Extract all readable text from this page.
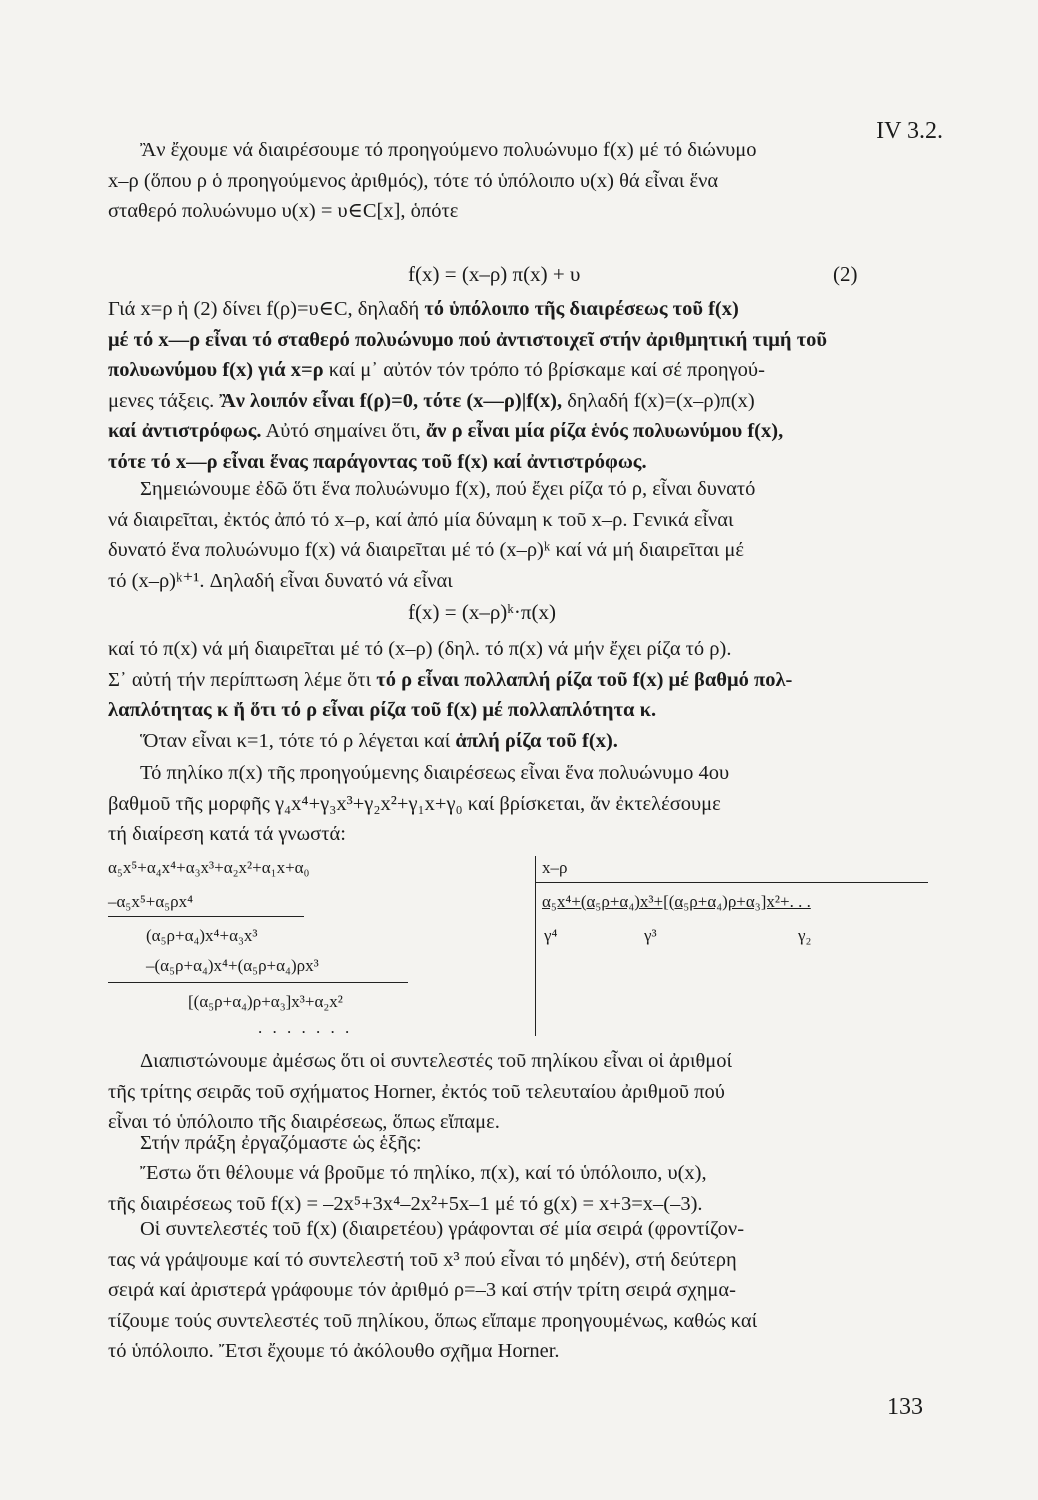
IV 3.2.
Ἂν ἔχουμε νά διαιρέσουμε τό προηγούμενο πολυώνυμο f(x) μέ τό διώνυμο
x–ρ (ὅπου ρ ὁ προηγούμενος ἀριθμός), τότε τό ὑπόλοιπο υ(x) θά εἶναι ἕνα
σταθερό πολυώνυμο υ(x) = υ∈C[x], ὁπότε
f(x) = (x–ρ) π(x) + υ	(2)
Γιά x=ρ ἡ (2) δίνει f(ρ)=υ∈C, δηλαδή τό ὑπόλοιπο τῆς διαιρέσεως τοῦ f(x)
μέ τό x—ρ εἶναι τό σταθερό πολυώνυμο πού ἀντιστοιχεῖ στήν ἀριθμητική τιμή τοῦ
πολυωνύμου f(x) γιά x=ρ καί μ᾿ αὐτόν τόν τρόπο τό βρίσκαμε καί σέ προηγού-
μενες τάξεις. Ἂν λοιπόν εἶναι f(ρ)=0, τότε (x—ρ)|f(x), δηλαδή f(x)=(x–ρ)π(x)
καί ἀντιστρόφως. Αὐτό σημαίνει ὅτι, ἄν ρ εἶναι μία ρίζα ἑνός πολυωνύμου f(x),
τότε τό x—ρ εἶναι ἕνας παράγοντας τοῦ f(x) καί ἀντιστρόφως.
Σημειώνουμε ἐδῶ ὅτι ἕνα πολυώνυμο f(x), πού ἔχει ρίζα τό ρ, εἶναι δυνατό
νά διαιρεῖται, ἐκτός ἀπό τό x–ρ, καί ἀπό μία δύναμη κ τοῦ x–ρ. Γενικά εἶναι
δυνατό ἕνα πολυώνυμο f(x) νά διαιρεῖται μέ τό (x–ρ)ᵏ καί νά μή διαιρεῖται μέ
τό (x–ρ)ᵏ⁺¹. Δηλαδή εἶναι δυνατό νά εἶναι
f(x) = (x–ρ)ᵏ·π(x)
καί τό π(x) νά μή διαιρεῖται μέ τό (x–ρ) (δηλ. τό π(x) νά μήν ἔχει ρίζα τό ρ).
Σ᾿ αὐτή τήν περίπτωση λέμε ὅτι τό ρ εἶναι πολλαπλή ρίζα τοῦ f(x) μέ βαθμό πολ-
λαπλότητας κ ἤ ὅτι τό ρ εἶναι ρίζα τοῦ f(x) μέ πολλαπλότητα κ.
Ὅταν εἶναι κ=1, τότε τό ρ λέγεται καί ἁπλή ρίζα τοῦ f(x).
Τό πηλίκο π(x) τῆς προηγούμενης διαιρέσεως εἶναι ἕνα πολυώνυμο 4ου
βαθμοῦ τῆς μορφῆς γ₄x⁴+γ₃x³+γ₂x²+γ₁x+γ₀ καί βρίσκεται, ἄν ἐκτελέσουμε
τή διαίρεση κατά τά γνωστά:
α₅x⁵+α₄x⁴+α₃x³+α₂x²+α₁x+α₀	x–ρ
–α₅x⁵+α₅ρx⁴	α₅x⁴+(α₅ρ+α₄)x³+[(α₅ρ+α₄)ρ+α₃]x²+. . .
(α₅ρ+α₄)x⁴+α₃x³	γ⁴	γ³	γ₂
–(α₅ρ+α₄)x⁴+(α₅ρ+α₄)ρx³
[(α₅ρ+α₄)ρ+α₃]x³+α₂x²
. . . . . . .
Διαπιστώνουμε ἀμέσως ὅτι οἱ συντελεστές τοῦ πηλίκου εἶναι οἱ ἀριθμοί
τῆς τρίτης σειρᾶς τοῦ σχήματος Horner, ἐκτός τοῦ τελευταίου ἀριθμοῦ πού
εἶναι τό ὑπόλοιπο τῆς διαιρέσεως, ὅπως εἴπαμε.
Στήν πράξη ἐργαζόμαστε ὡς ἑξῆς:
Ἔστω ὅτι θέλουμε νά βροῦμε τό πηλίκο, π(x), καί τό ὑπόλοιπο, υ(x),
τῆς διαιρέσεως τοῦ f(x) = –2x⁵+3x⁴–2x²+5x–1 μέ τό g(x) = x+3=x–(–3).
Οἱ συντελεστές τοῦ f(x) (διαιρετέου) γράφονται σέ μία σειρά (φροντίζον-
τας νά γράψουμε καί τό συντελεστή τοῦ x³ πού εἶναι τό μηδέν), στή δεύτερη
σειρά καί ἀριστερά γράφουμε τόν ἀριθμό ρ=–3 καί στήν τρίτη σειρά σχημα-
τίζουμε τούς συντελεστές τοῦ πηλίκου, ὅπως εἴπαμε προηγουμένως, καθώς καί
τό ὑπόλοιπο. Ἔτσι ἔχουμε τό ἀκόλουθο σχῆμα Horner.
133
